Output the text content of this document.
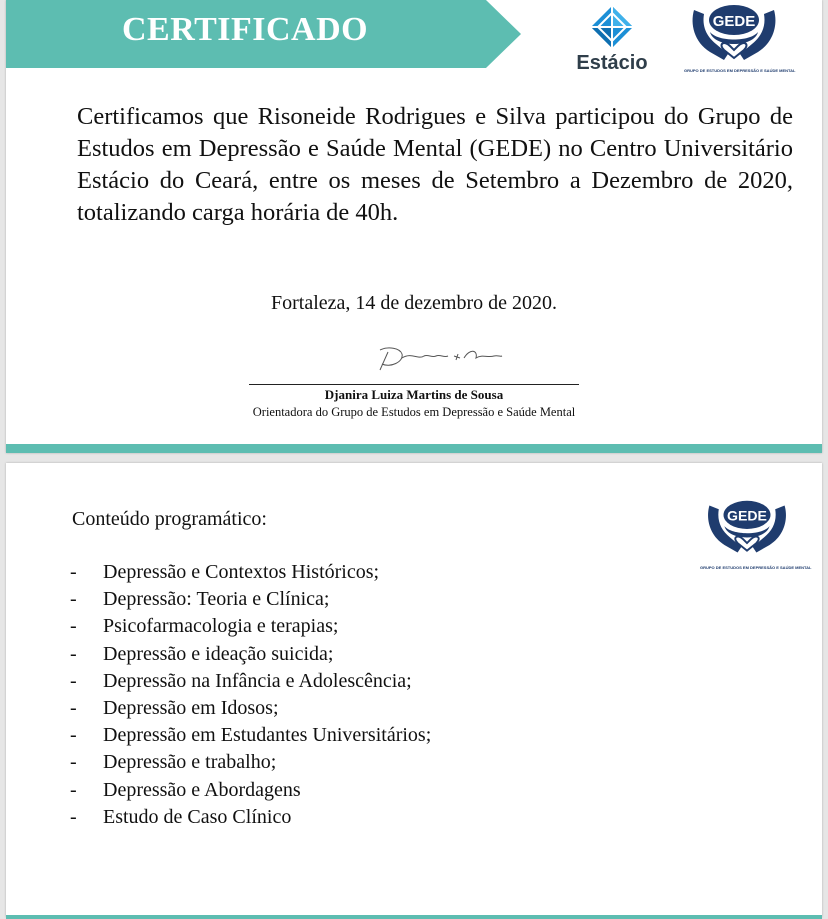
CERTIFICADO
Estácio
GEDE
GRUPO DE ESTUDOS EM DEPRESSÃO E SAÚDE MENTAL
Certificamos que Risoneide Rodrigues e Silva participou do Grupo de Estudos em Depressão e Saúde Mental (GEDE) no Centro Universitário Estácio do Ceará, entre os meses de Setembro a Dezembro de 2020, totalizando carga horária de 40h.
Fortaleza, 14 de dezembro de 2020.
Djanira Luiza Martins de Sousa
Orientadora do Grupo de Estudos em Depressão e Saúde Mental
Conteúdo programático:	GEDE
GRUPO DE ESTUDOS EM DEPRESSÃO E SAÚDE MENTAL
- Depressão e Contextos Históricos;
- Depressão: Teoria e Clínica;
- Psicofarmacologia e terapias;
- Depressão e ideação suicida;
- Depressão na Infância e Adolescência;
- Depressão em Idosos;
- Depressão em Estudantes Universitários;
- Depressão e trabalho;
- Depressão e Abordagens
- Estudo de Caso Clínico
